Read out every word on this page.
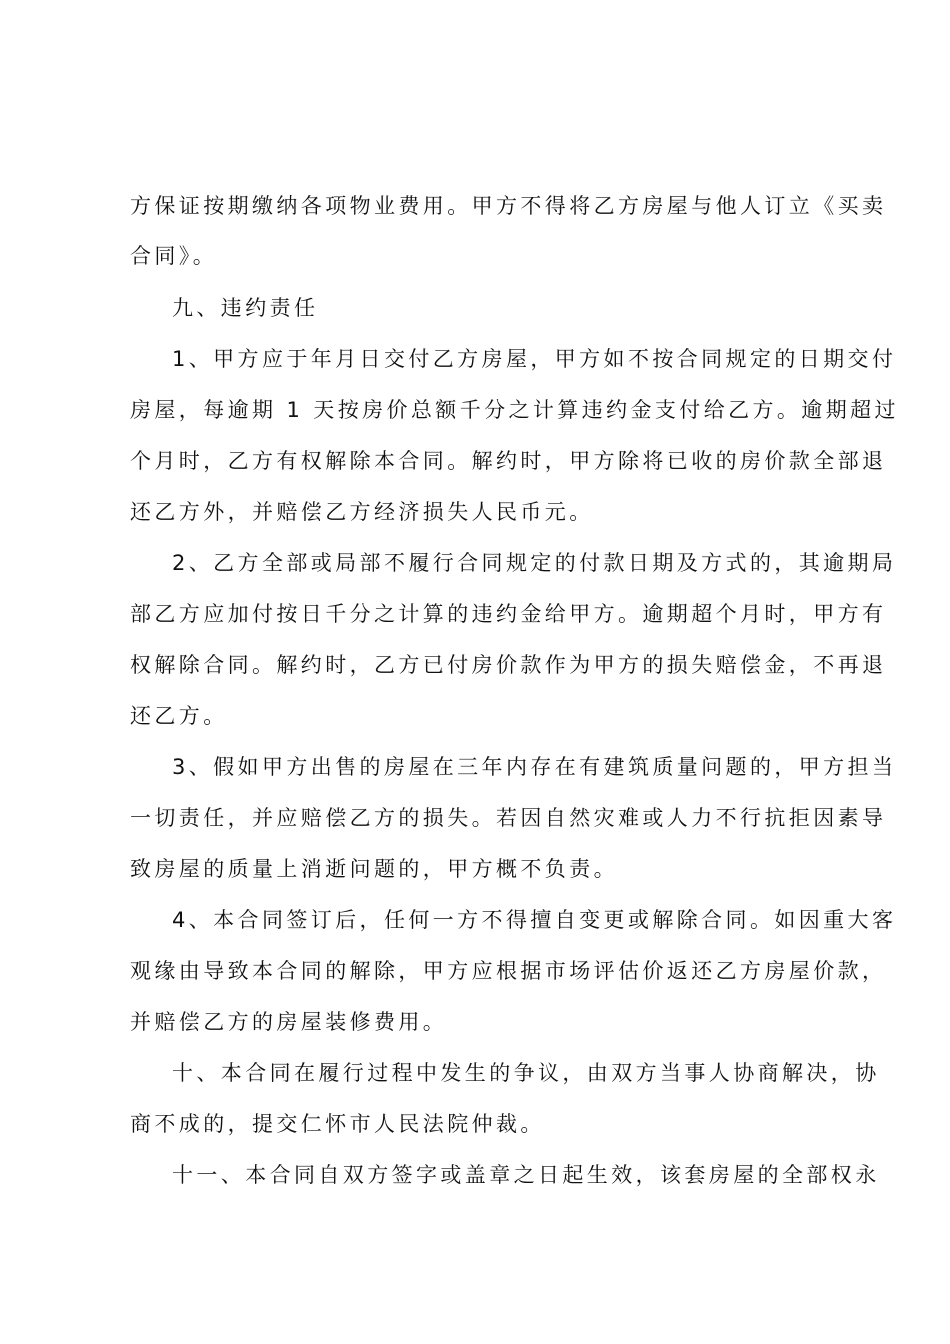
方保证按期缴纳各项物业费用。甲方不得将乙方房屋与他人订立《买卖
合同》。
九、违约责任
1、甲方应于年月日交付乙方房屋，甲方如不按合同规定的日期交付
房屋，每逾期 1 天按房价总额千分之计算违约金支付给乙方。逾期超过
个月时，乙方有权解除本合同。解约时，甲方除将已收的房价款全部退
还乙方外，并赔偿乙方经济损失人民币元。
2、乙方全部或局部不履行合同规定的付款日期及方式的，其逾期局
部乙方应加付按日千分之计算的违约金给甲方。逾期超个月时，甲方有
权解除合同。解约时，乙方已付房价款作为甲方的损失赔偿金，不再退
还乙方。
3、假如甲方出售的房屋在三年内存在有建筑质量问题的，甲方担当
一切责任，并应赔偿乙方的损失。若因自然灾难或人力不行抗拒因素导
致房屋的质量上消逝问题的，甲方概不负责。
4、本合同签订后，任何一方不得擅自变更或解除合同。如因重大客
观缘由导致本合同的解除，甲方应根据市场评估价返还乙方房屋价款，
并赔偿乙方的房屋装修费用。
十、本合同在履行过程中发生的争议，由双方当事人协商解决，协
商不成的，提交仁怀市人民法院仲裁。
十一、本合同自双方签字或盖章之日起生效，该套房屋的全部权永
